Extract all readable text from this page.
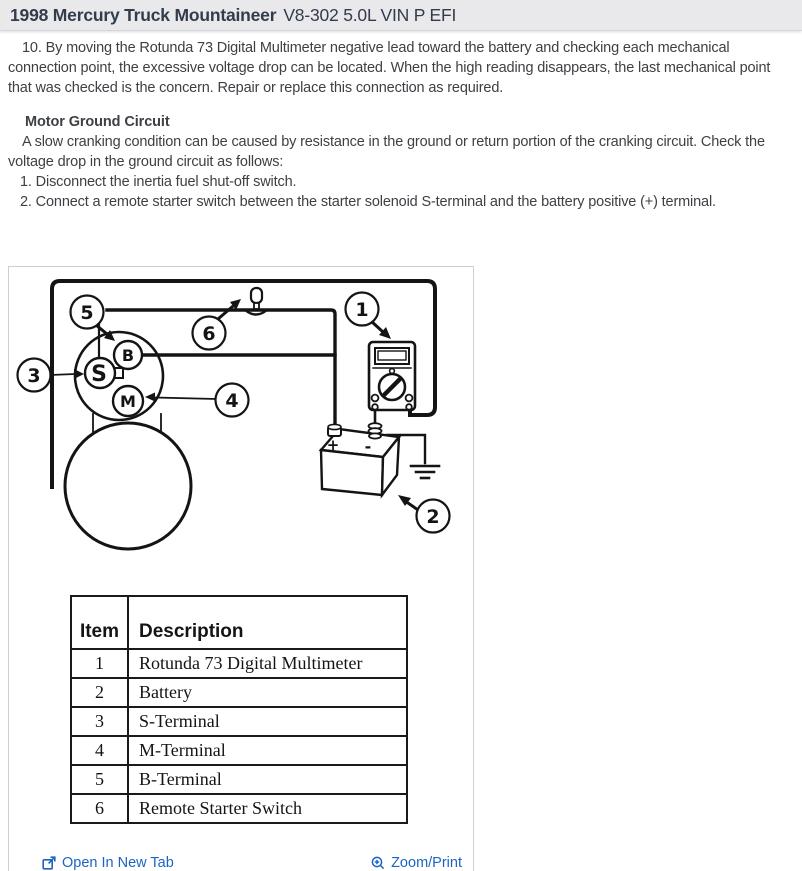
1998 Mercury Truck Mountaineer V8-302 5.0L VIN P EFI
10. By moving the Rotunda 73 Digital Multimeter negative lead toward the battery and checking each mechanical connection point, the excessive voltage drop can be located. When the high reading disappears, the last mechanical point that was checked is the concern. Repair or replace this connection as required.
Motor Ground Circuit
A slow cranking condition can be caused by resistance in the ground or return portion of the cranking circuit. Check the voltage drop in the ground circuit as follows:
1. Disconnect the inertia fuel shut-off switch.
2. Connect a remote starter switch between the starter solenoid S-terminal and the battery positive (+) terminal.
1
2
3
4
5
6
B
S
M
+ -
Item	Description
1	Rotunda 73 Digital Multimeter
2	Battery
3	S-Terminal
4	M-Terminal
5	B-Terminal
6	Remote Starter Switch
Open In New Tab	Zoom/Print
